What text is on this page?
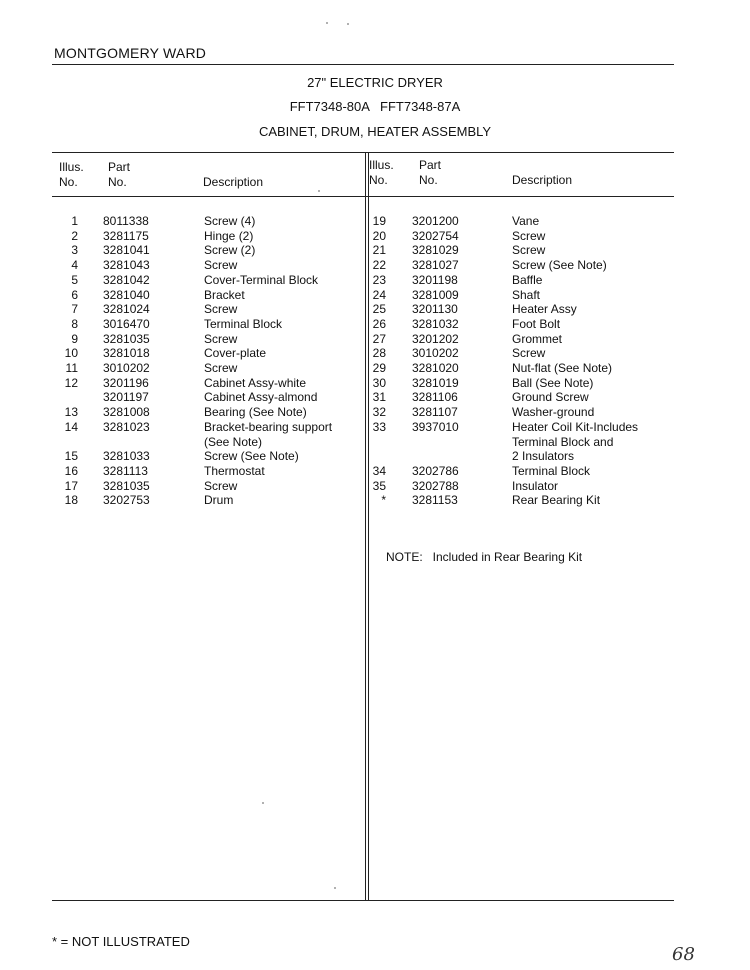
MONTGOMERY WARD
27" ELECTRIC DRYER
FFT7348-80A   FFT7348-87A
CABINET, DRUM, HEATER ASSEMBLY
Illus.
No.
Part
No.	Description
Illus.
No.
Part
No.	Description
1 8011338	Screw (4)
2 3281175	Hinge (2)
3 3281041	Screw (2)
4 3281043	Screw
5 3281042	Cover-Terminal Block
6 3281040	Bracket
7 3281024	Screw
8 3016470	Terminal Block
9 3281035	Screw
10 3281018	Cover-plate
11 3010202	Screw
12 3201196	Cabinet Assy-white
3201197	Cabinet Assy-almond
13 3281008	Bearing (See Note)
14 3281023	Bracket-bearing support
(See Note)
15 3281033	Screw (See Note)
16 3281113	Thermostat
17 3281035	Screw
18 3202753	Drum
19 3201200	Vane
20 3202754	Screw
21 3281029	Screw
22 3281027	Screw (See Note)
23 3201198	Baffle
24 3281009	Shaft
25 3201130	Heater Assy
26 3281032	Foot Bolt
27 3201202	Grommet
28 3010202	Screw
29 3281020	Nut-flat (See Note)
30 3281019	Ball (See Note)
31 3281106	Ground Screw
32 3281107	Washer-ground
33 3937010	Heater Coil Kit-Includes
Terminal Block and
2 Insulators
34 3202786	Terminal Block
35 3202788	Insulator
* 3281153	Rear Bearing Kit
NOTE:   Included in Rear Bearing Kit
* = NOT ILLUSTRATED
68
